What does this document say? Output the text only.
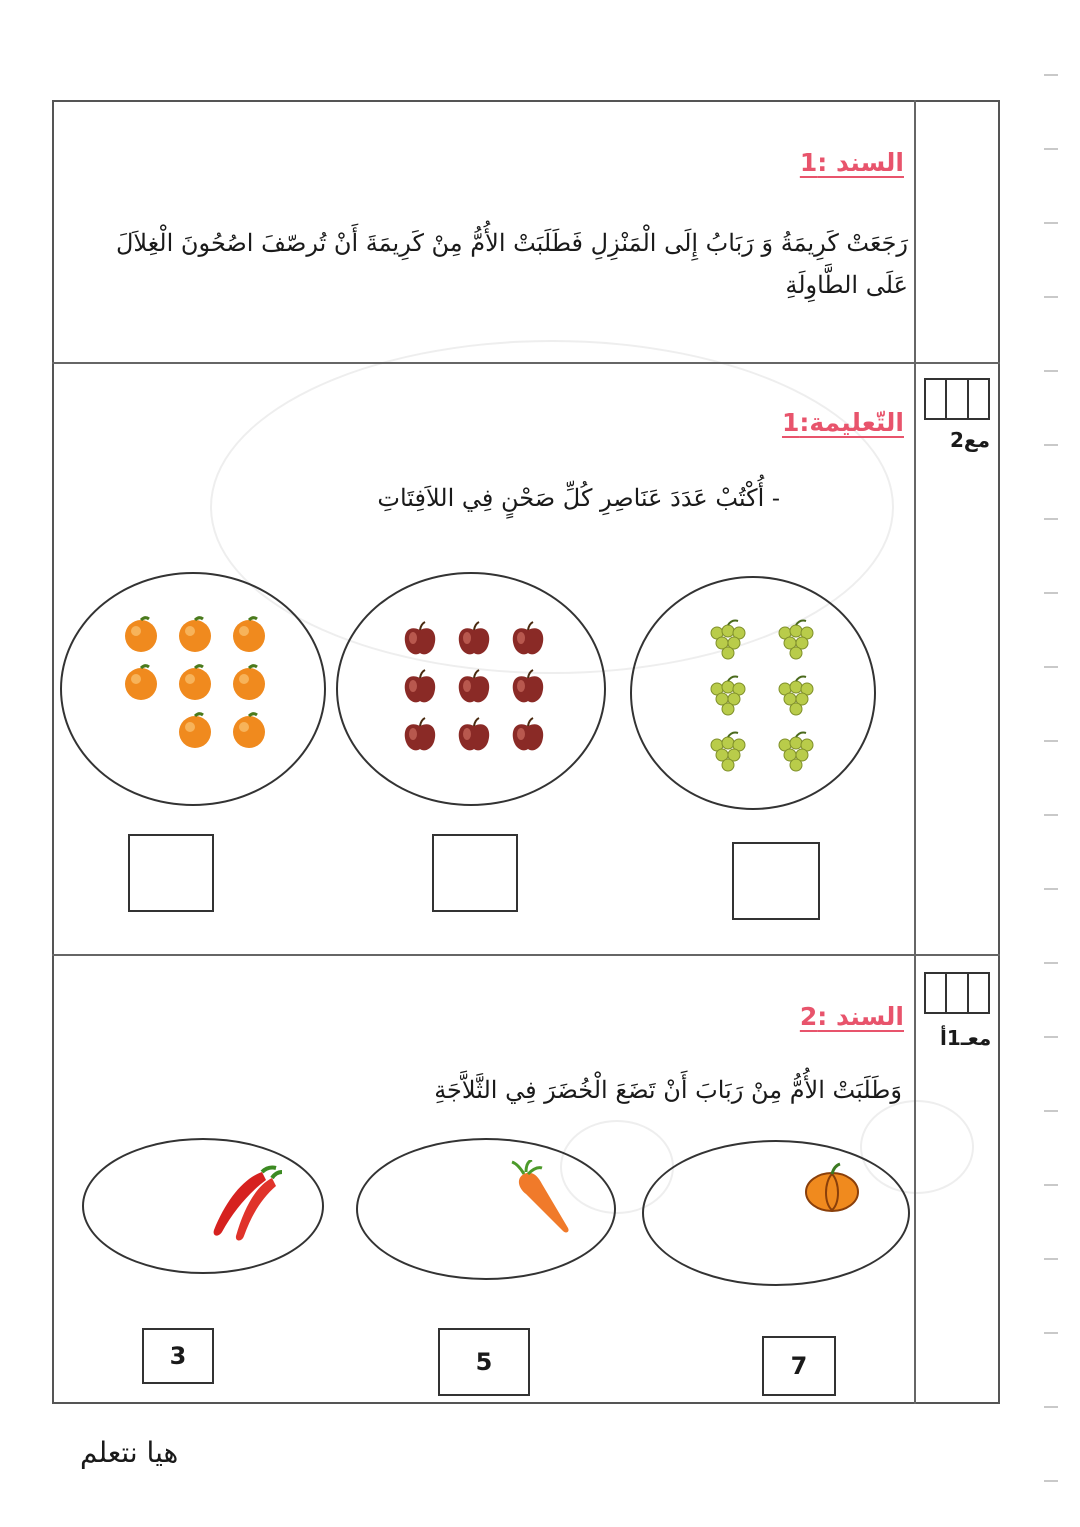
السند :1
رَجَعَتْ كَرِيمَةُ وَ رَبَابُ إِلَى الْمَنْزِلِ فَطَلَبَتْ الأُمُّ مِنْ كَرِيمَةَ أَنْ تُرصّفَ اصُحُونَ الْغِلاَلَ عَلَى الطَّاوِلَةِ
مع2
التّعليمة:1
- أُكْتُبْ عَدَدَ عَنَاصِرِ كُلِّ صَحْنٍ فِي اللاَفِتَاتِ
معـ1أ
السند :2
وَطَلَبَتْ الأُمُّ مِنْ رَبَابَ أَنْ تَضَعَ الْخُضَرَ فِي الثَّلاَّجَةِ
3	5	7
هيا نتعلم
